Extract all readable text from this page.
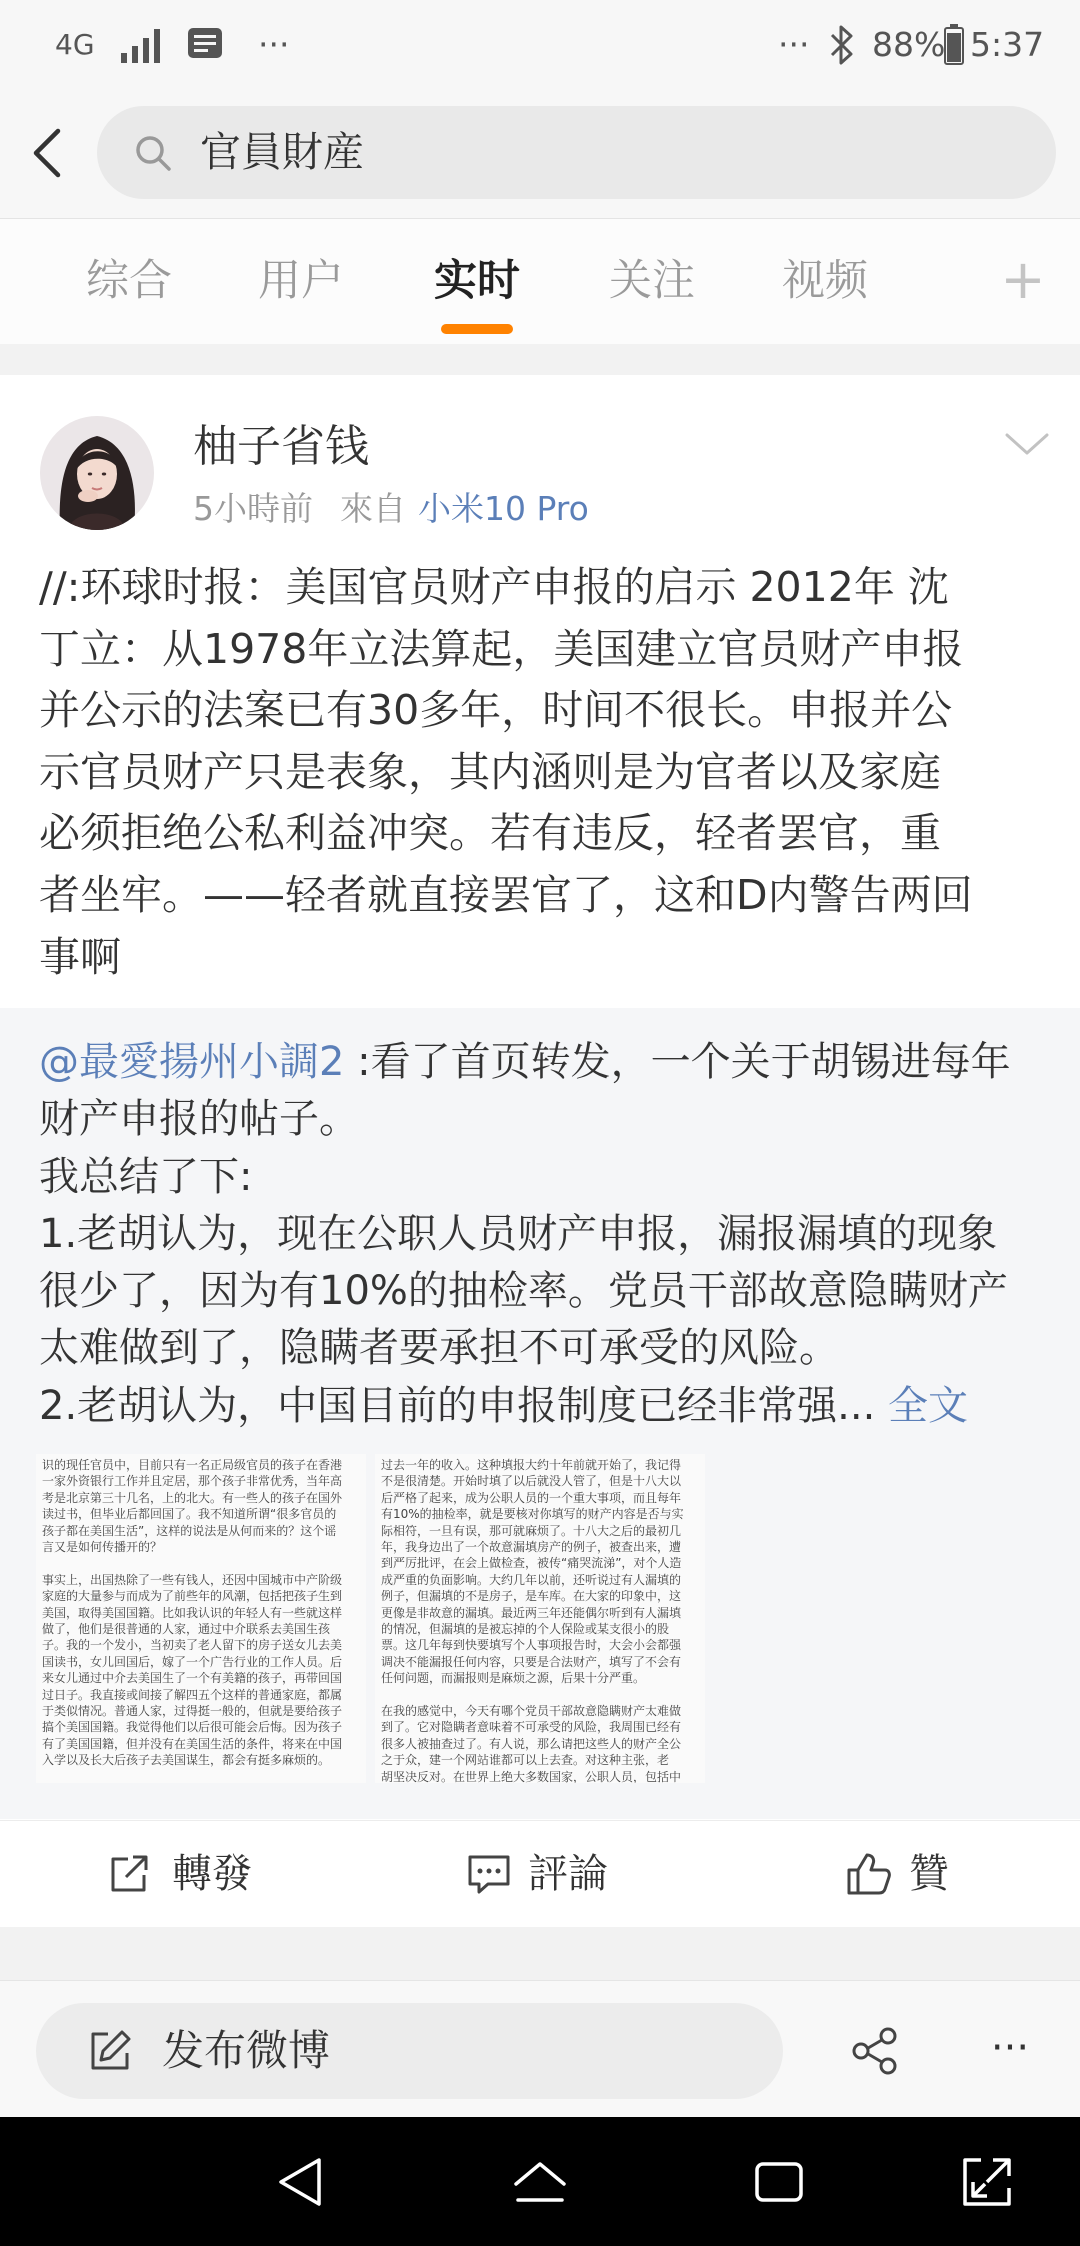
4G	···	··· 88% 5:37
官員財産
综合	用户	实时	关注	视频	+
柚子省钱
5小時前 來自 小米10 Pro
//:环球时报：美国官员财产申报的启示 2012年 沈
丁立：从1978年立法算起，美国建立官员财产申报
并公示的法案已有30多年，时间不很长。申报并公
示官员财产只是表象，其内涵则是为官者以及家庭
必须拒绝公私利益冲突。若有违反，轻者罢官，重
者坐牢。——轻者就直接罢官了，这和D内警告两回
事啊
@最愛揚州小調2 :看了首页转发，一个关于胡锡进每年
财产申报的帖子。
我总结了下:
1.老胡认为，现在公职人员财产申报，漏报漏填的现象
很少了，因为有10%的抽检率。党员干部故意隐瞒财产
太难做到了，隐瞒者要承担不可承受的风险。
2.老胡认为，中国目前的申报制度已经非常强... 全文
识的现任官员中，目前只有一名正局级官员的孩子在香港
一家外资银行工作并且定居，那个孩子非常优秀，当年高
考是北京第三十几名，上的北大。有一些人的孩子在国外
读过书，但毕业后都回国了。我不知道所谓“很多官员的
孩子都在美国生活”，这样的说法是从何而来的？这个谣
言又是如何传播开的？
事实上，出国热除了一些有钱人，还因中国城市中产阶级
家庭的大量参与而成为了前些年的风潮，包括把孩子生到
美国，取得美国国籍。比如我认识的年轻人有一些就这样
做了，他们是很普通的人家，通过中介联系去美国生孩
子。我的一个发小，当初卖了老人留下的房子送女儿去美
国读书，女儿回国后，嫁了一个广告行业的工作人员。后
来女儿通过中介去美国生了一个有美籍的孩子，再带回国
过日子。我直接或间接了解四五个这样的普通家庭，都属
于类似情况。普通人家，过得挺一般的，但就是要给孩子
搞个美国国籍。我觉得他们以后很可能会后悔。因为孩子
有了美国国籍，但并没有在美国生活的条件，将来在中国
入学以及长大后孩子去美国谋生，都会有挺多麻烦的。
过去一年的收入。这种填报大约十年前就开始了，我记得
不是很清楚。开始时填了以后就没人管了，但是十八大以
后严格了起来，成为公职人员的一个重大事项，而且每年
有10%的抽检率，就是要核对你填写的财产内容是否与实
际相符，一旦有误，那可就麻烦了。十八大之后的最初几
年，我身边出了一个故意漏填房产的例子，被查出来，遭
到严厉批评，在会上做检查，被传“痛哭流涕”，对个人造
成严重的负面影响。大约几年以前，还听说过有人漏填的
例子，但漏填的不是房子，是车库。在大家的印象中，这
更像是非故意的漏填。最近两三年还能偶尔听到有人漏填
的情况，但漏填的是被忘掉的个人保险或某支很小的股
票。这几年每到快要填写个人事项报告时，大会小会都强
调决不能漏报任何内容，只要是合法财产，填写了不会有
任何问题，而漏报则是麻烦之源，后果十分严重。
在我的感觉中，今天有哪个党员干部故意隐瞒财产太难做
到了。它对隐瞒者意味着不可承受的风险，我周围已经有
很多人被抽查过了。有人说，那么请把这些人的财产全公
之于众，建一个网站谁都可以上去查。对这种主张，老
胡坚决反对。在世界上绝大多数国家，公职人员，包括中
轉發	評論	贊
发布微博	···
